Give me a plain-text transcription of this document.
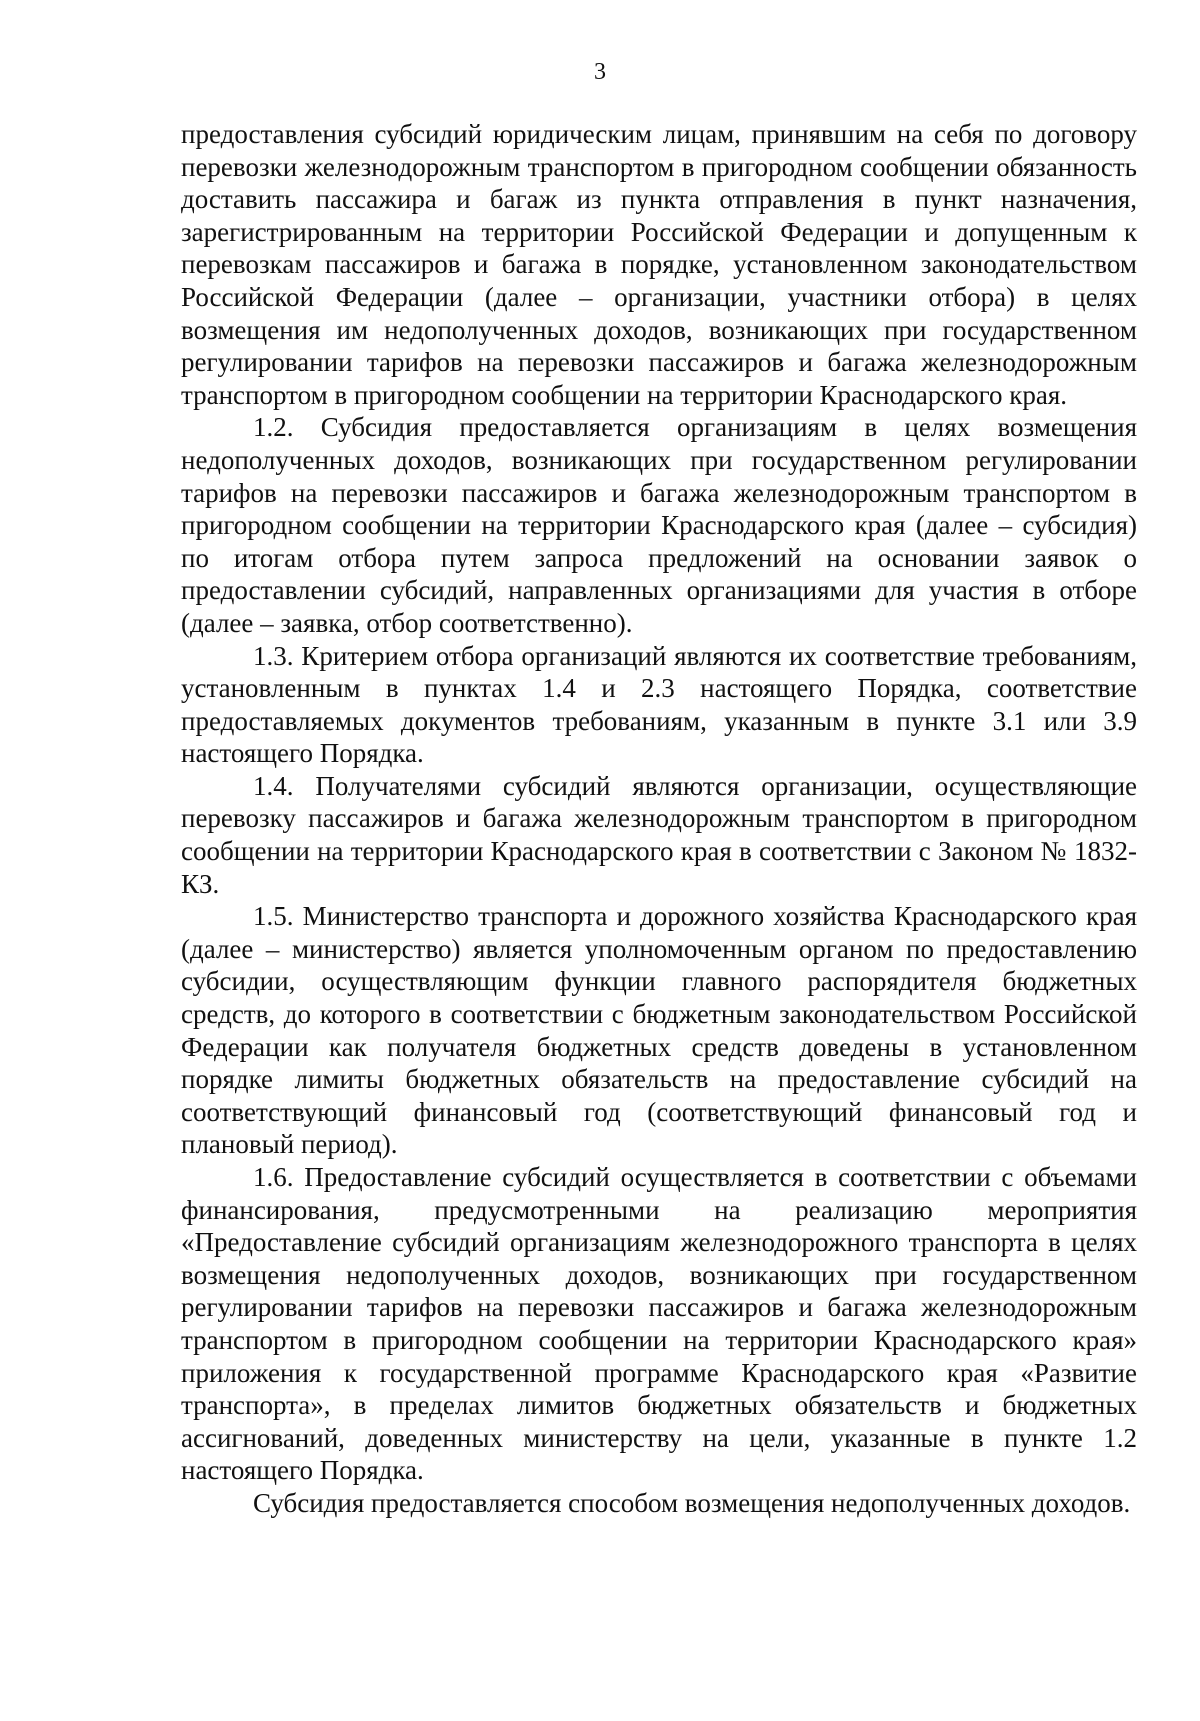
3

предоставления субсидий юридическим лицам, принявшим на себя по договору перевозки железнодорожным транспортом в пригородном сообщении обязанность доставить пассажира и багаж из пункта отправления в пункт назначения, зарегистрированным на территории Российской Федерации и допущенным к перевозкам пассажиров и багажа в порядке, установленном законодательством Российской Федерации (далее – организации, участники отбора) в целях возмещения им недополученных доходов, возникающих при государственном регулировании тарифов на перевозки пассажиров и багажа железнодорожным транспортом в пригородном сообщении на территории Краснодарского края.

1.2. Субсидия предоставляется организациям в целях возмещения недополученных доходов, возникающих при государственном регулировании тарифов на перевозки пассажиров и багажа железнодорожным транспортом в пригородном сообщении на территории Краснодарского края (далее – субсидия) по итогам отбора путем запроса предложений на основании заявок о предоставлении субсидий, направленных организациями для участия в отборе (далее – заявка, отбор соответственно).

1.3. Критерием отбора организаций являются их соответствие требованиям, установленным в пунктах 1.4 и 2.3 настоящего Порядка, соответствие предоставляемых документов требованиям, указанным в пункте 3.1 или 3.9 настоящего Порядка.

1.4. Получателями субсидий являются организации, осуществляющие перевозку пассажиров и багажа железнодорожным транспортом в пригородном сообщении на территории Краснодарского края в соответствии с Законом № 1832-КЗ.

1.5. Министерство транспорта и дорожного хозяйства Краснодарского края (далее – министерство) является уполномоченным органом по предоставлению субсидии, осуществляющим функции главного распорядителя бюджетных средств, до которого в соответствии с бюджетным законодательством Российской Федерации как получателя бюджетных средств доведены в установленном порядке лимиты бюджетных обязательств на предоставление субсидий на соответствующий финансовый год (соответствующий финансовый год и плановый период).

1.6. Предоставление субсидий осуществляется в соответствии с объемами финансирования, предусмотренными на реализацию мероприятия «Предоставление субсидий организациям железнодорожного транспорта в целях возмещения недополученных доходов, возникающих при государственном регулировании тарифов на перевозки пассажиров и багажа железнодорожным транспортом в пригородном сообщении на территории Краснодарского края» приложения к государственной программе Краснодарского края «Развитие транспорта», в пределах лимитов бюджетных обязательств и бюджетных ассигнований, доведенных министерству на цели, указанные в пункте 1.2 настоящего Порядка.

Субсидия предоставляется способом возмещения недополученных доходов.
